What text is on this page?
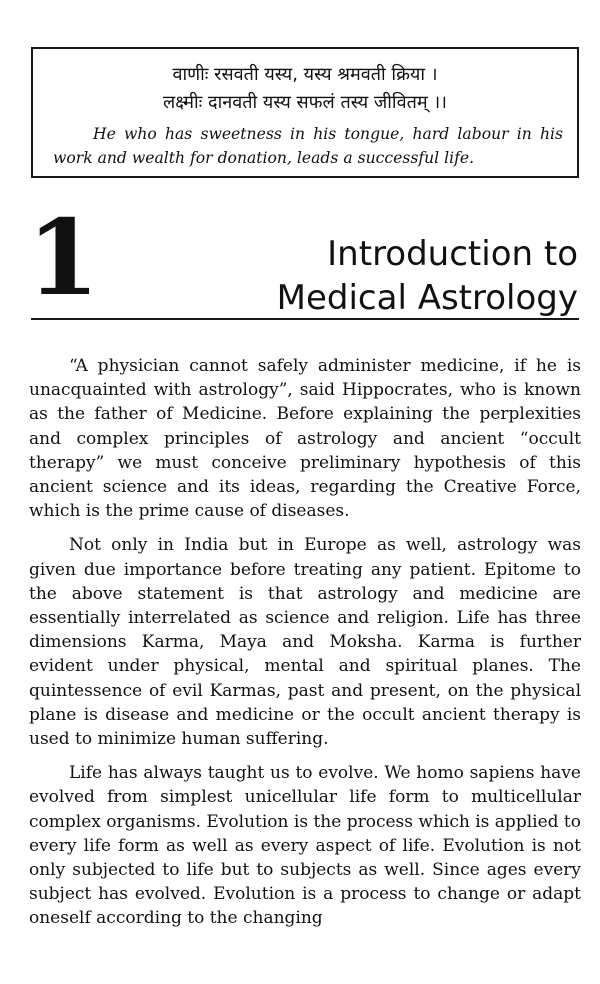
वाणीः रसवती यस्य, यस्य श्रमवती क्रिया ।
लक्ष्मीः दानवती यस्य सफलं तस्य जीवितम् ।।
He who has sweetness in his tongue, hard labour in his work and wealth for donation, leads a successful life.
1	Introduction to
Medical Astrology

“A physician cannot safely administer medicine, if he is unacquainted with astrology”, said Hippocrates, who is known as the father of Medicine. Before explaining the perplexities and complex principles of astrology and ancient “occult therapy” we must conceive preliminary hypothesis of this ancient science and its ideas, regarding the Creative Force, which is the prime cause of diseases.

Not only in India but in Europe as well, astrology was given due importance before treating any patient. Epitome to the above statement is that astrology and medicine are essentially interrelated as science and religion. Life has three dimensions Karma, Maya and Moksha. Karma is further evident under physical, mental and spiritual planes. The quintessence of evil Karmas, past and present, on the physical plane is disease and medicine or the occult ancient therapy is used to minimize human suffering.

Life has always taught us to evolve. We homo sapiens have evolved from simplest unicellular life form to multicellular complex organisms. Evolution is the process which is applied to every life form as well as every aspect of life. Evolution is not only subjected to life but to subjects as well. Since ages every subject has evolved. Evolution is a process to change or adapt oneself according to the changing
